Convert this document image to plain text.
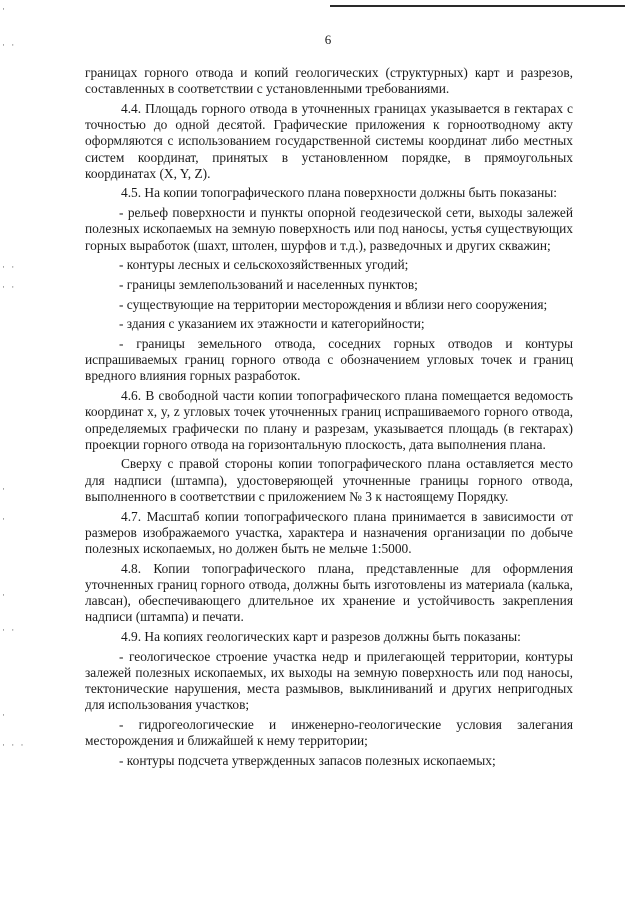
·
· ·
· ·
· ·
·
·
·
· ·
·
· · ·
6

границах горного отвода и копий геологических (структурных) карт и разрезов, составленных в соответствии с установленными требованиями.

4.4. Площадь горного отвода в уточненных границах указывается в гектарах с точностью до одной десятой. Графические приложения к горноотводному акту оформляются с использованием государственной системы координат либо местных систем координат, принятых в установленном порядке, в прямоугольных координатах (X, Y, Z).

4.5. На копии топографического плана поверхности должны быть показаны:

- рельеф поверхности и пункты опорной геодезической сети, выходы залежей полезных ископаемых на земную поверхность или под наносы, устья существующих горных выработок (шахт, штолен, шурфов и т.д.), разведочных и других скважин;

- контуры лесных и сельскохозяйственных угодий;

- границы землепользований и населенных пунктов;

- существующие на территории месторождения и вблизи него сооружения;

- здания с указанием их этажности и категорийности;

- границы земельного отвода, соседних горных отводов и контуры испрашиваемых границ горного отвода с обозначением угловых точек и границ вредного влияния горных разработок.

4.6. В свободной части копии топографического плана помещается ведомость координат x, y, z угловых точек уточненных границ испрашиваемого горного отвода, определяемых графически по плану и разрезам, указывается площадь (в гектарах) проекции горного отвода на горизонтальную плоскость, дата выполнения плана.

Сверху с правой стороны копии топографического плана оставляется место для надписи (штампа), удостоверяющей уточненные границы горного отвода, выполненного в соответствии с приложением № 3 к настоящему Порядку.

4.7. Масштаб копии топографического плана принимается в зависимости от размеров изображаемого участка, характера и назначения организации по добыче полезных ископаемых, но должен быть не мельче 1:5000.

4.8. Копии топографического плана, представленные для оформления уточненных границ горного отвода, должны быть изготовлены из материала (калька, лавсан), обеспечивающего длительное их хранение и устойчивость закрепления надписи (штампа) и печати.

4.9. На копиях геологических карт и разрезов должны быть показаны:

- геологическое строение участка недр и прилегающей территории, контуры залежей полезных ископаемых, их выходы на земную поверхность или под наносы, тектонические нарушения, места размывов, выклиниваний и других непригодных для использования участков;

- гидрогеологические и инженерно-геологические условия залегания месторождения и ближайшей к нему территории;

- контуры подсчета утвержденных запасов полезных ископаемых;
